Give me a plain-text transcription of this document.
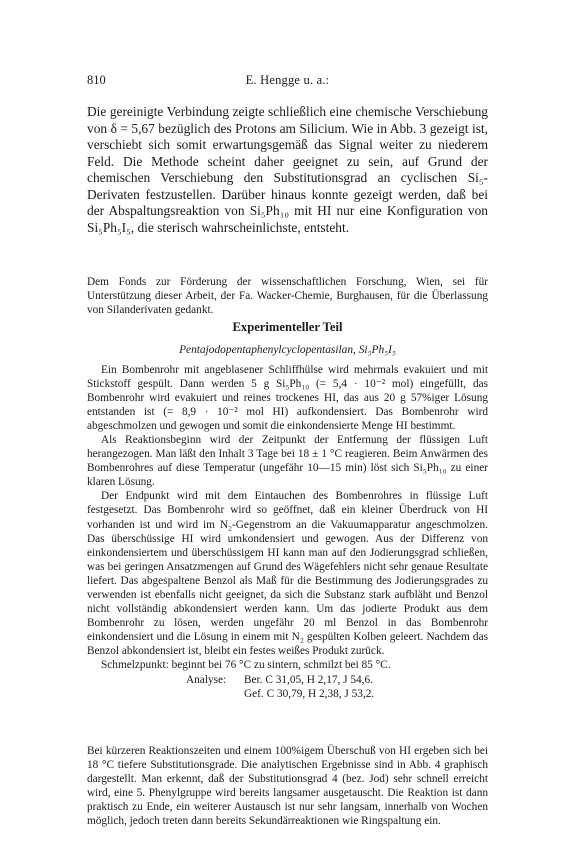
810	E. Hengge u. a.:
Die gereinigte Verbindung zeigte schließlich eine chemische Verschiebung von δ = 5,67 bezüglich des Protons am Silicium. Wie in Abb. 3 gezeigt ist, verschiebt sich somit erwartungsgemäß das Signal weiter zu niederem Feld. Die Methode scheint daher geeignet zu sein, auf Grund der chemischen Verschiebung den Substitutionsgrad an cyclischen Si₅-Derivaten festzustellen. Darüber hinaus konnte gezeigt werden, daß bei der Abspaltungsreaktion von Si₅Ph₁₀ mit HI nur eine Konfiguration von Si₅Ph₅I₅, die sterisch wahrscheinlichste, entsteht.
Dem Fonds zur Förderung der wissenschaftlichen Forschung, Wien, sei für Unterstützung dieser Arbeit, der Fa. Wacker-Chemie, Burghausen, für die Überlassung von Silanderivaten gedankt.
Experimenteller Teil
Pentajodopentaphenylcyclopentasilan, Si₅Ph₅I₅

Ein Bombenrohr mit angeblasener Schliffhülse wird mehrmals evakuiert und mit Stickstoff gespült. Dann werden 5 g Si₅Ph₁₀ (= 5,4 · 10⁻² mol) eingefüllt, das Bombenrohr wird evakuiert und reines trockenes HI, das aus 20 g 57%iger Lösung entstanden ist (= 8,9 · 10⁻² mol HI) aufkondensiert. Das Bombenrohr wird abgeschmolzen und gewogen und somit die einkondensierte Menge HI bestimmt.

Als Reaktionsbeginn wird der Zeitpunkt der Entfernung der flüssigen Luft herangezogen. Man läßt den Inhalt 3 Tage bei 18 ± 1 °C reagieren. Beim Anwärmen des Bombenrohres auf diese Temperatur (ungefähr 10—15 min) löst sich Si₅Ph₁₀ zu einer klaren Lösung.

Der Endpunkt wird mit dem Eintauchen des Bombenrohres in flüssige Luft festgesetzt. Das Bombenrohr wird so geöffnet, daß ein kleiner Überdruck von HI vorhanden ist und wird im N₂-Gegenstrom an die Vakuumapparatur angeschmolzen. Das überschüssige HI wird umkondensiert und gewogen. Aus der Differenz von einkondensiertem und überschüssigem HI kann man auf den Jodierungsgrad schließen, was bei geringen Ansatzmengen auf Grund des Wägefehlers nicht sehr genaue Resultate liefert. Das abgespaltene Benzol als Maß für die Bestimmung des Jodierungsgrades zu verwenden ist ebenfalls nicht geeignet, da sich die Substanz stark aufbläht und Benzol nicht vollständig abkondensiert werden kann. Um das jodierte Produkt aus dem Bombenrohr zu lösen, werden ungefähr 20 ml Benzol in das Bombenrohr einkondensiert und die Lösung in einem mit N₂ gespülten Kolben geleert. Nachdem das Benzol abkondensiert ist, bleibt ein festes weißes Produkt zurück.

Schmelzpunkt: beginnt bei 76 °C zu sintern, schmilzt bei 85 °C.

Analyse: Ber. C 31,05, H 2,17, J 54,6.
Gef. C 30,79, H 2,38, J 53,2.
Bei kürzeren Reaktionszeiten und einem 100%igem Überschuß von HI ergeben sich bei 18 °C tiefere Substitutionsgrade. Die analytischen Ergebnisse sind in Abb. 4 graphisch dargestellt. Man erkennt, daß der Substitutionsgrad 4 (bez. Jod) sehr schnell erreicht wird, eine 5. Phenylgruppe wird bereits langsamer ausgetauscht. Die Reaktion ist dann praktisch zu Ende, ein weiterer Austausch ist nur sehr langsam, innerhalb von Wochen möglich, jedoch treten dann bereits Sekundärreaktionen wie Ringspaltung ein.
